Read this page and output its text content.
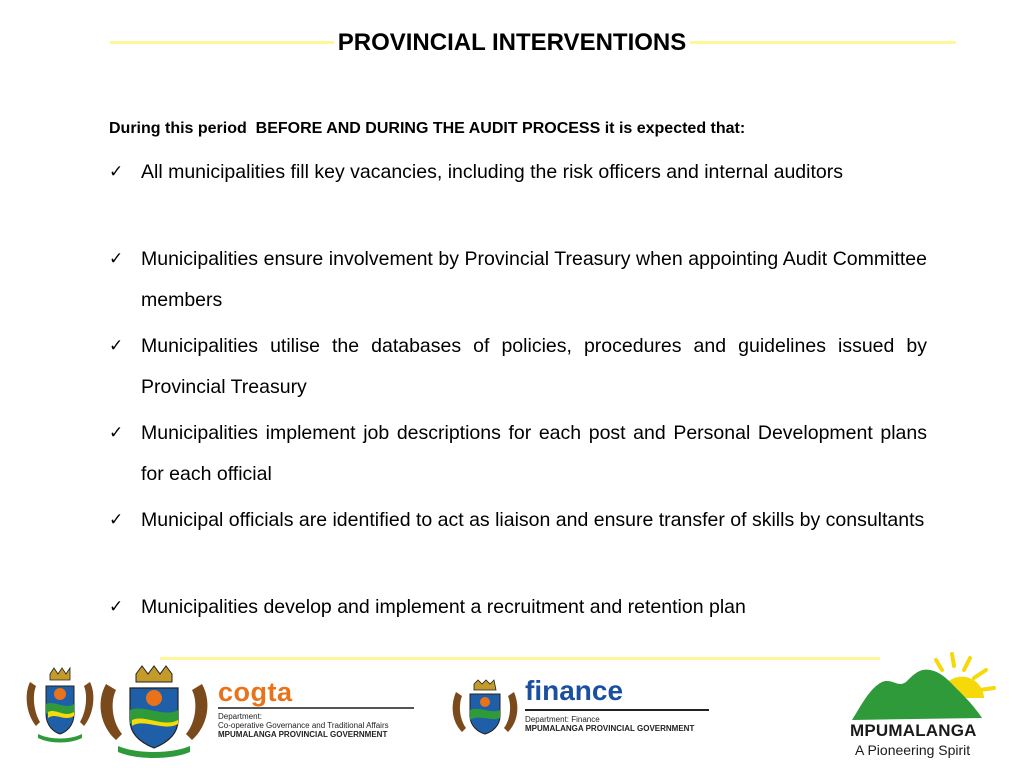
PROVINCIAL INTERVENTIONS
During this period  BEFORE AND DURING THE AUDIT PROCESS it is expected that:
✓ All municipalities fill key vacancies, including the risk officers and internal auditors
✓ Municipalities ensure involvement by Provincial Treasury when appointing Audit Committee members
✓ Municipalities utilise the databases of policies, procedures and guidelines issued by Provincial Treasury
✓ Municipalities implement job descriptions for each post and Personal Development plans for each official
✓ Municipal officials are identified to act as liaison and ensure transfer of skills by consultants
✓ Municipalities develop and implement a recruitment and retention plan
cogta
Department:
Co-operative Governance and Traditional Affairs
MPUMALANGA PROVINCIAL GOVERNMENT
finance
Department: Finance
MPUMALANGA PROVINCIAL GOVERNMENT	MPUMALANGA
A Pioneering Spirit
